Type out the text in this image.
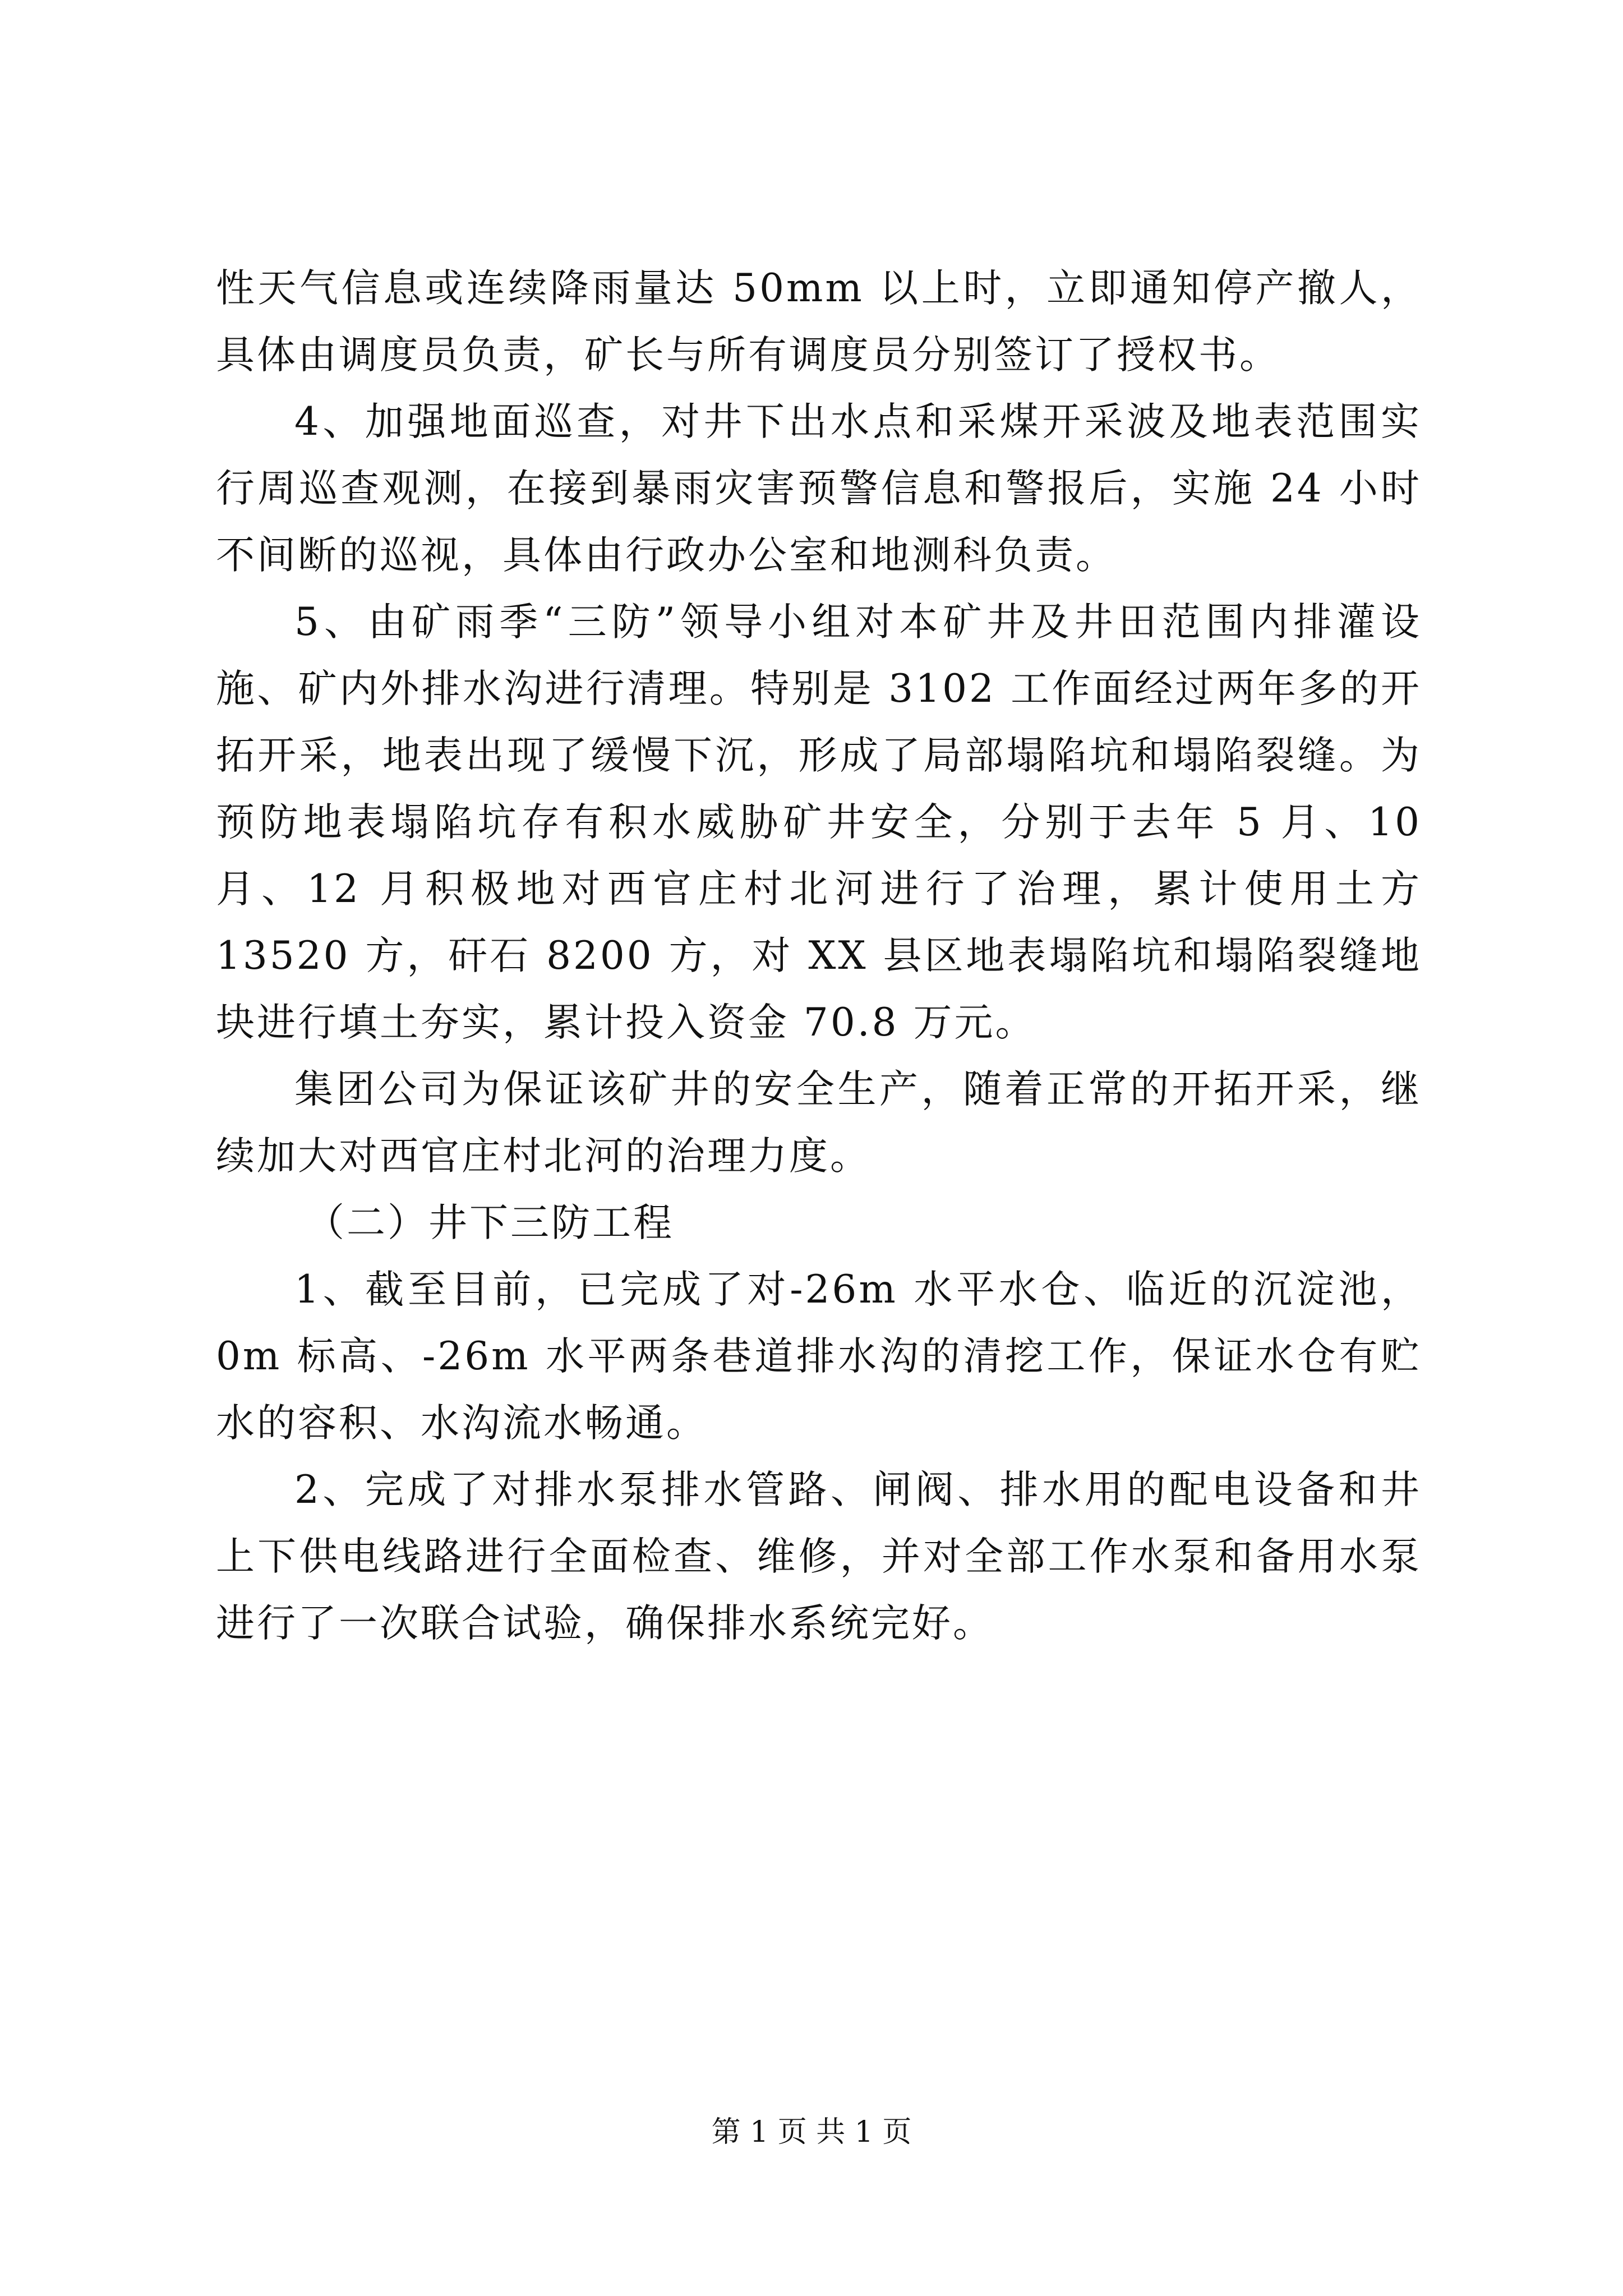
性天气信息或连续降雨量达 50mm 以上时，立即通知停产撤人，具体由调度员负责，矿长与所有调度员分别签订了授权书。

4、加强地面巡查，对井下出水点和采煤开采波及地表范围实行周巡查观测，在接到暴雨灾害预警信息和警报后，实施 24 小时不间断的巡视，具体由行政办公室和地测科负责。

5、由矿雨季“三防”领导小组对本矿井及井田范围内排灌设施、矿内外排水沟进行清理。特别是 3102 工作面经过两年多的开拓开采，地表出现了缓慢下沉，形成了局部塌陷坑和塌陷裂缝。为预防地表塌陷坑存有积水威胁矿井安全，分别于去年 5 月、10 月、12 月积极地对西官庄村北河进行了治理，累计使用土方 13520 方，矸石 8200 方，对 XX 县区地表塌陷坑和塌陷裂缝地块进行填土夯实，累计投入资金 70.8 万元。

集团公司为保证该矿井的安全生产，随着正常的开拓开采，继续加大对西官庄村北河的治理力度。

（二）井下三防工程

1、截至目前，已完成了对-26m 水平水仓、临近的沉淀池，0m 标高、-26m 水平两条巷道排水沟的清挖工作，保证水仓有贮水的容积、水沟流水畅通。

2、完成了对排水泵排水管路、闸阀、排水用的配电设备和井上下供电线路进行全面检查、维修，并对全部工作水泵和备用水泵进行了一次联合试验，确保排水系统完好。

第 1 页 共 1 页
